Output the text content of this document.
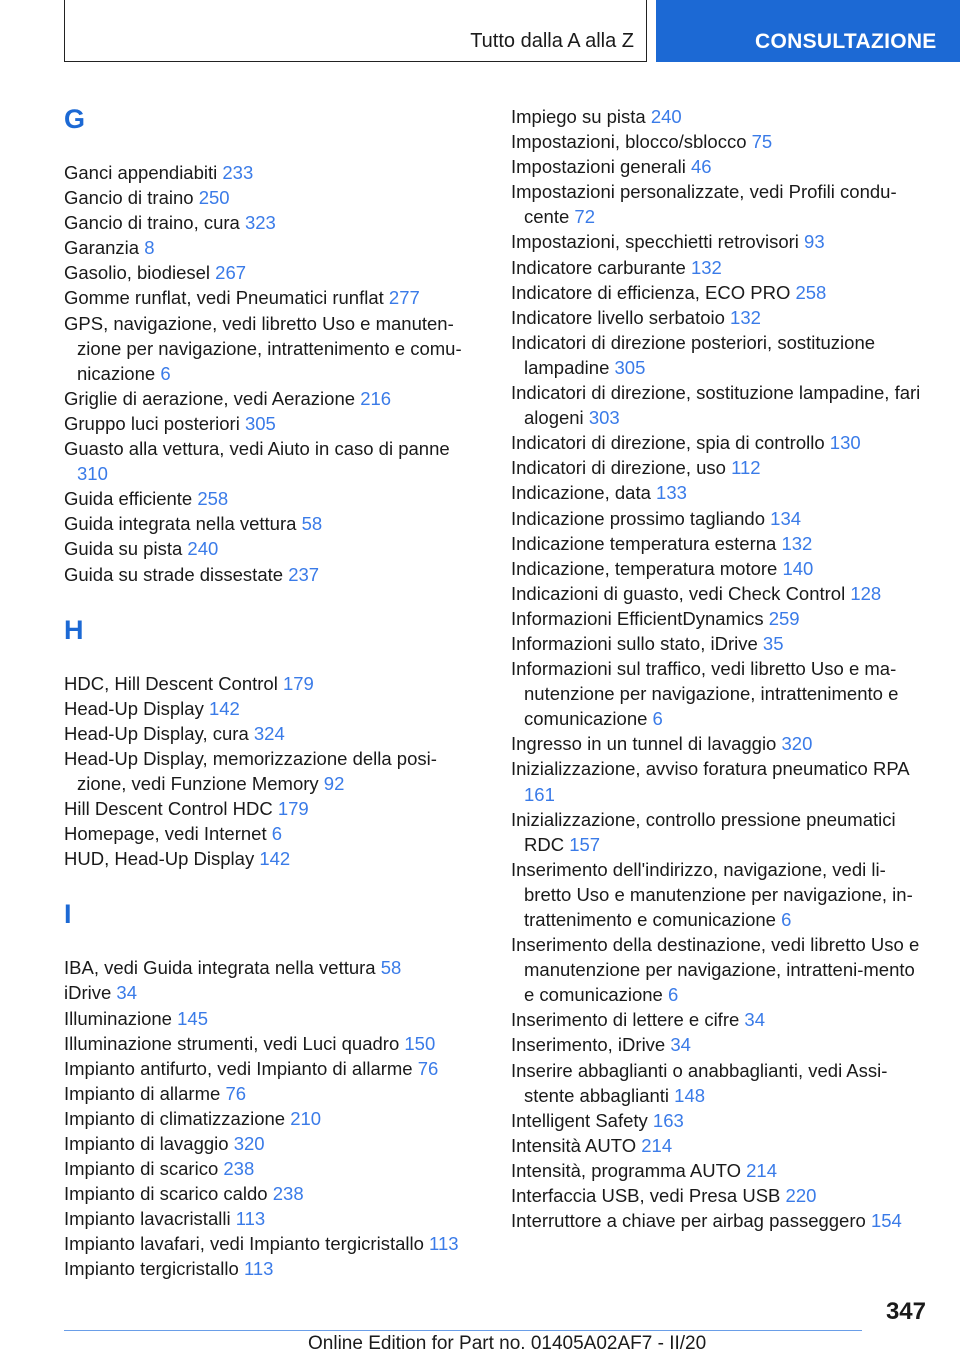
Tutto dalla A alla Z	CONSULTAZIONE
G

Ganci appendiabiti 233

Gancio di traino 250

Gancio di traino, cura 323

Garanzia 8

Gasolio, biodiesel 267

Gomme runflat, vedi Pneumatici runflat 277

GPS, navigazione, vedi libretto Uso e manuten-zione per navigazione, intrattenimento e comu-nicazione 6

Griglie di aerazione, vedi Aerazione 216

Gruppo luci posteriori 305

Guasto alla vettura, vedi Aiuto in caso di panne 310

Guida efficiente 258

Guida integrata nella vettura 58

Guida su pista 240

Guida su strade dissestate 237

H

HDC, Hill Descent Control 179

Head-Up Display 142

Head-Up Display, cura 324

Head-Up Display, memorizzazione della posi-zione, vedi Funzione Memory 92

Hill Descent Control HDC 179

Homepage, vedi Internet 6

HUD, Head-Up Display 142

I

IBA, vedi Guida integrata nella vettura 58

iDrive 34

Illuminazione 145

Illuminazione strumenti, vedi Luci quadro 150

Impianto antifurto, vedi Impianto di allarme 76

Impianto di allarme 76

Impianto di climatizzazione 210

Impianto di lavaggio 320

Impianto di scarico 238

Impianto di scarico caldo 238

Impianto lavacristalli 113

Impianto lavafari, vedi Impianto tergicristallo 113

Impianto tergicristallo 113

Impiego su pista 240

Impostazioni, blocco/sblocco 75

Impostazioni generali 46

Impostazioni personalizzate, vedi Profili condu-cente 72

Impostazioni, specchietti retrovisori 93

Indicatore carburante 132

Indicatore di efficienza, ECO PRO 258

Indicatore livello serbatoio 132

Indicatori di direzione posteriori, sostituzione lampadine 305

Indicatori di direzione, sostituzione lampadine, fari alogeni 303

Indicatori di direzione, spia di controllo 130

Indicatori di direzione, uso 112

Indicazione, data 133

Indicazione prossimo tagliando 134

Indicazione temperatura esterna 132

Indicazione, temperatura motore 140

Indicazioni di guasto, vedi Check Control 128

Informazioni EfficientDynamics 259

Informazioni sullo stato, iDrive 35

Informazioni sul traffico, vedi libretto Uso e ma-nutenzione per navigazione, intrattenimento e comunicazione 6

Ingresso in un tunnel di lavaggio 320

Inizializzazione, avviso foratura pneumatico RPA 161

Inizializzazione, controllo pressione pneumatici RDC 157

Inserimento dell'indirizzo, navigazione, vedi li-bretto Uso e manutenzione per navigazione, in-trattenimento e comunicazione 6

Inserimento della destinazione, vedi libretto Uso e manutenzione per navigazione, intratteni-mento e comunicazione 6

Inserimento di lettere e cifre 34

Inserimento, iDrive 34

Inserire abbaglianti o anabbaglianti, vedi Assi-stente abbaglianti 148

Intelligent Safety 163

Intensità AUTO 214

Intensità, programma AUTO 214

Interfaccia USB, vedi Presa USB 220

Interruttore a chiave per airbag passeggero 154

347
Online Edition for Part no. 01405A02AF7 - II/20
